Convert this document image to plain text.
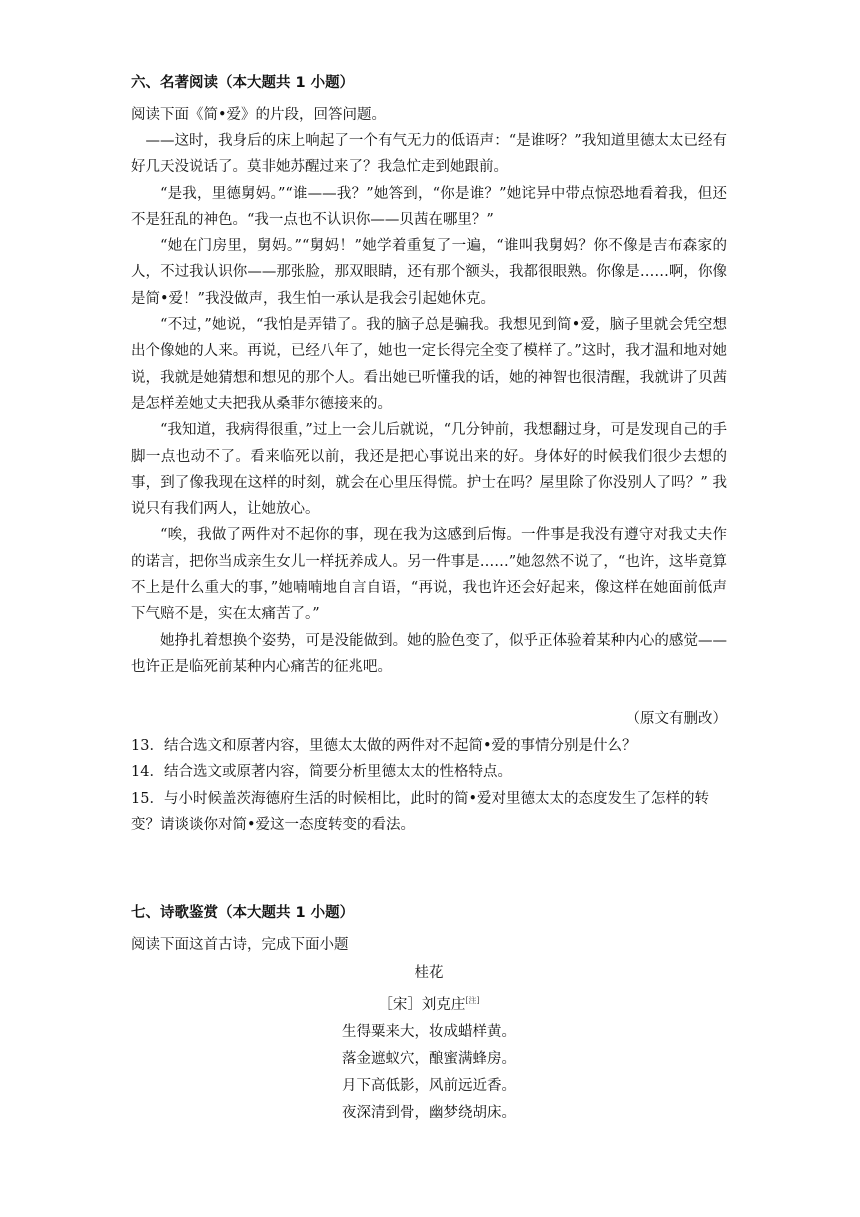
六、名著阅读（本大题共 1 小题）
阅读下面《简•爱》的片段，回答问题。

——这时，我身后的床上响起了一个有气无力的低语声：“是谁呀？”我知道里德太太已经有好几天没说话了。莫非她苏醒过来了？我急忙走到她跟前。

“是我，里德舅妈。”“谁——我？”她答到，“你是谁？”她诧异中带点惊恐地看着我，但还不是狂乱的神色。“我一点也不认识你——贝茜在哪里？”

“她在门房里，舅妈。”“舅妈！”她学着重复了一遍，“谁叫我舅妈？你不像是吉布森家的人，不过我认识你——那张脸，那双眼睛，还有那个额头，我都很眼熟。你像是……啊，你像是简•爱！”我没做声，我生怕一承认是我会引起她休克。

“不过，”她说，“我怕是弄错了。我的脑子总是骗我。我想见到简•爱，脑子里就会凭空想出个像她的人来。再说，已经八年了，她也一定长得完全变了模样了。”这时，我才温和地对她说，我就是她猜想和想见的那个人。看出她已听懂我的话，她的神智也很清醒，我就讲了贝茜是怎样差她丈夫把我从桑菲尔德接来的。

“我知道，我病得很重，”过上一会儿后就说，“几分钟前，我想翻过身，可是发现自己的手脚一点也动不了。看来临死以前，我还是把心事说出来的好。身体好的时候我们很少去想的事，到了像我现在这样的时刻，就会在心里压得慌。护士在吗？屋里除了你没别人了吗？” 我说只有我们两人，让她放心。

“唉，我做了两件对不起你的事，现在我为这感到后悔。一件事是我没有遵守对我丈夫作的诺言，把你当成亲生女儿一样抚养成人。另一件事是……”她忽然不说了，“也许，这毕竟算不上是什么重大的事，”她喃喃地自言自语，“再说，我也许还会好起来，像这样在她面前低声下气赔不是，实在太痛苦了。”

她挣扎着想换个姿势，可是没能做到。她的脸色变了，似乎正体验着某种内心的感觉——也许正是临死前某种内心痛苦的征兆吧。

（原文有删改）

13．结合选文和原著内容，里德太太做的两件对不起简•爱的事情分别是什么？

14．结合选文或原著内容，简要分析里德太太的性格特点。

15．与小时候盖茨海德府生活的时候相比，此时的简•爱对里德太太的态度发生了怎样的转变？请谈谈你对简•爱这一态度转变的看法。

七、诗歌鉴赏（本大题共 1 小题）
阅读下面这首古诗，完成下面小题
桂花
［宋］刘克庄[注]
生得粟来大，妆成蜡样黄。
落金遮蚁穴，酿蜜满蜂房。
月下高低影，风前远近香。
夜深清到骨，幽梦绕胡床。
